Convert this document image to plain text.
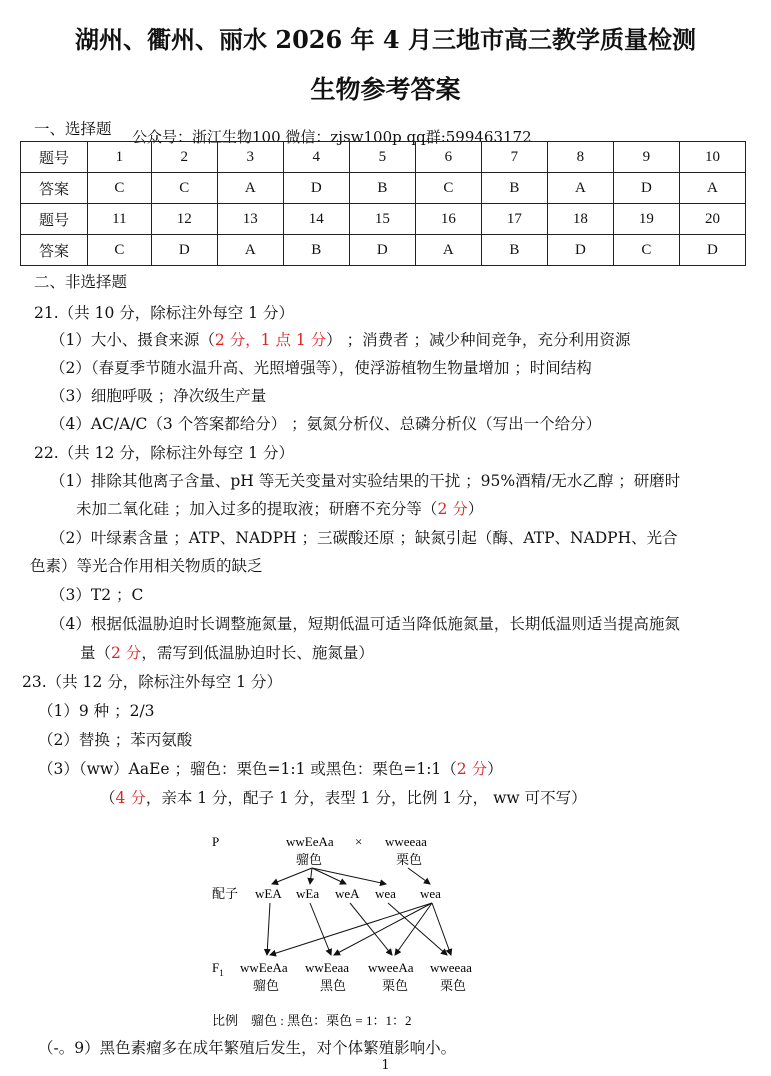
湖州、衢州、丽水 2026 年 4 月三地市高三教学质量检测
生物参考答案
一、选择题 公众号：浙江生物100 微信：zjsw100p qq群:599463172
题号	1	2	3	4	5	6	7	8	9	10
答案	C	C	A	D	B	C	B	A	D	A
题号	11	12	13	14	15	16	17	18	19	20
答案	C	D	A	B	D	A	B	D	C	D
二、非选择题
21.（共 10 分，除标注外每空 1 分）
（1）大小、摄食来源（2 分，1 点 1 分） ；消费者 ；减少种间竞争，充分利用资源
（2）（春夏季节随水温升高、光照增强等），使浮游植物生物量增加 ；时间结构
（3）细胞呼吸 ；净次级生产量
（4）AC/A/C（3 个答案都给分） ；氨氮分析仪、总磷分析仪（写出一个给分）
22.（共 12 分，除标注外每空 1 分）
（1）排除其他离子含量、pH 等无关变量对实验结果的干扰 ；95%酒精/无水乙醇 ；研磨时
未加二氧化硅 ；加入过多的提取液；研磨不充分等（2 分）
（2）叶绿素含量 ；ATP、NADPH ；三碳酸还原 ；缺氮引起（酶、ATP、NADPH、光合
色素）等光合作用相关物质的缺乏
（3）T2 ；C
（4）根据低温胁迫时长调整施氮量，短期低温可适当降低施氮量，长期低温则适当提高施氮
量（2 分，需写到低温胁迫时长、施氮量）
23.（共 12 分，除标注外每空 1 分）
（1）9 种 ；2/3
（2）替换 ；苯丙氨酸
（3）（ww）AaEe ；骝色：栗色=1:1 或黑色：栗色=1:1（2 分）
（4 分，亲本 1 分，配子 1 分，表型 1 分，比例 1 分， ww 可不写）
P	wwEeAa × wweeaa
骝色	栗色
配子 wEA wEa weA wea wea
$F_1$ wwEeAa wwEeaa wweeAa wweeaa
骝色	黑色	栗色 栗色
比例    骝色 : 黑色：栗色 = 1：1：2
（-。9）黑色素瘤多在成年繁殖后发生，对个体繁殖影响小。
1
